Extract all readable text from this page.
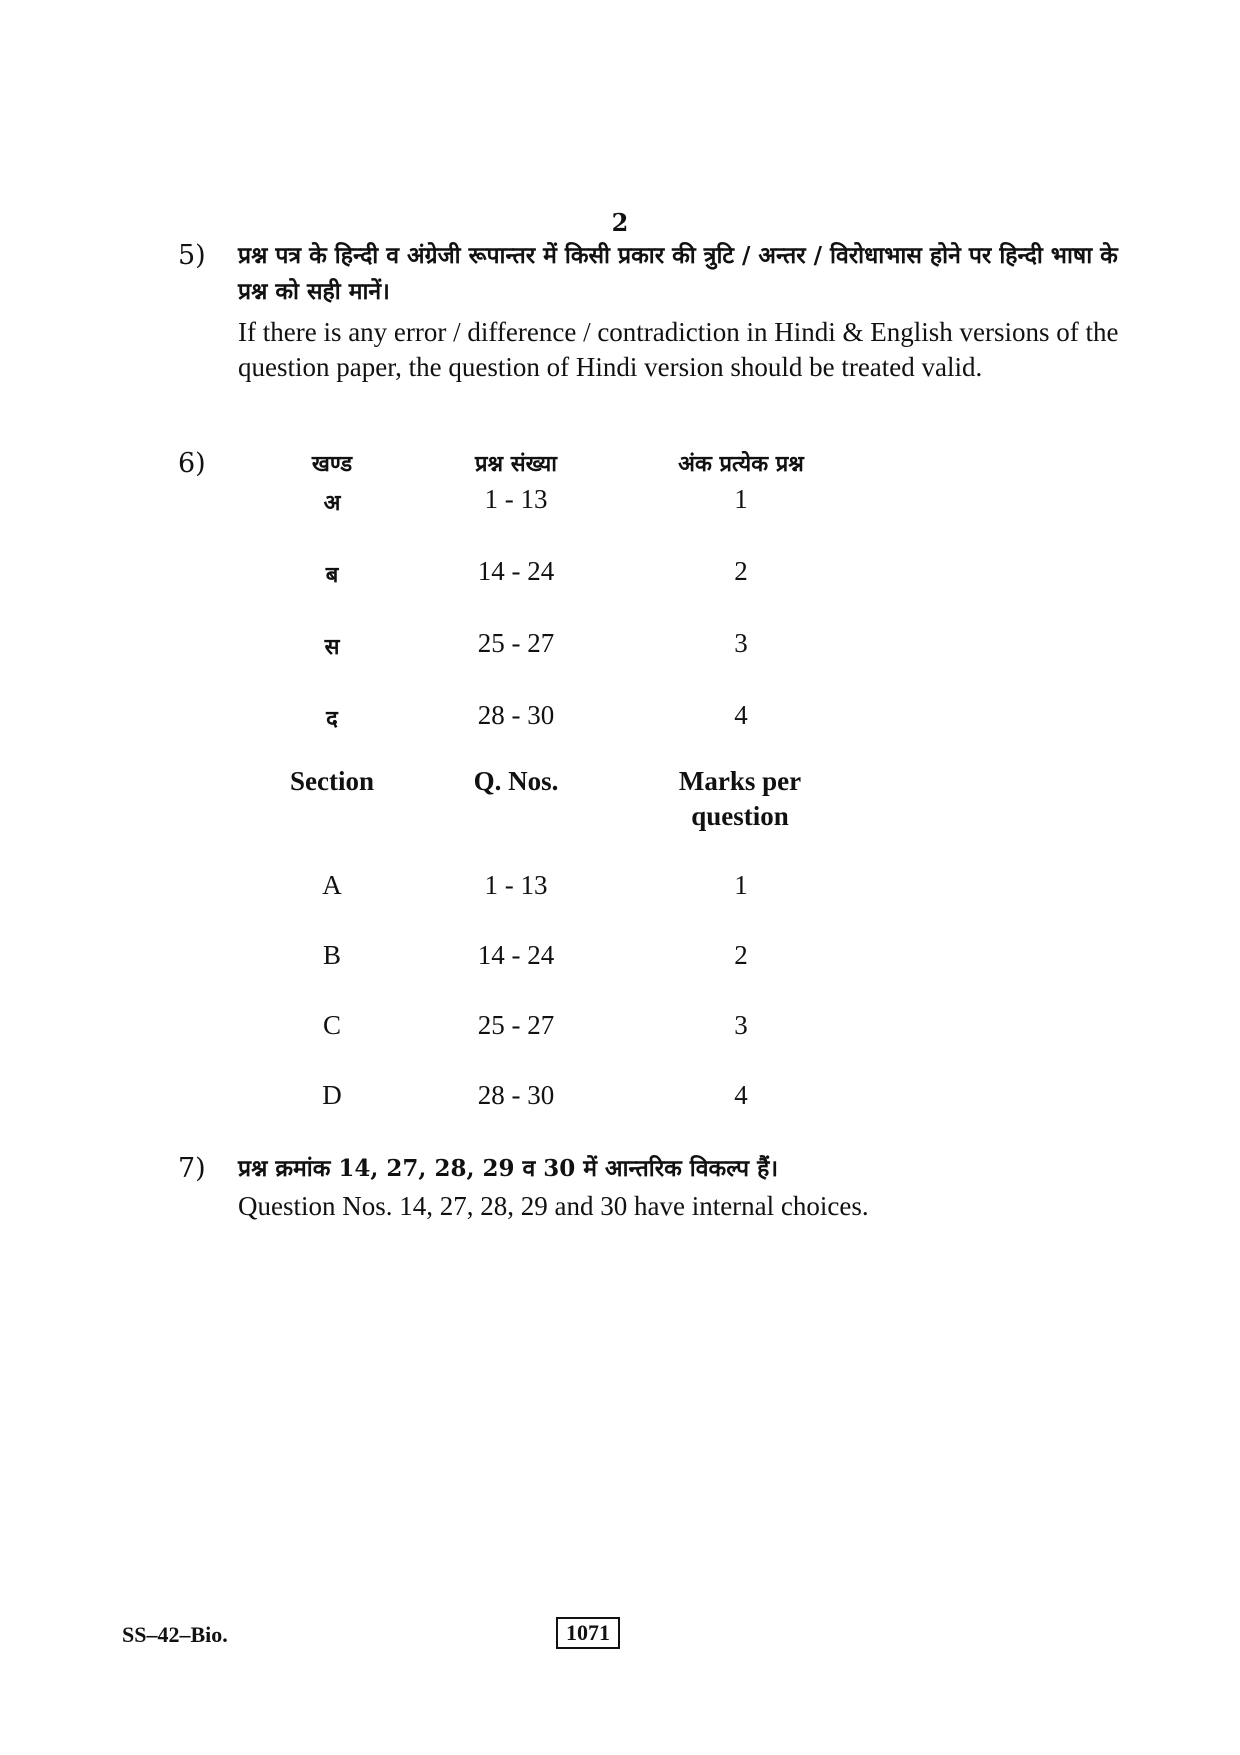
2
5) प्रश्न पत्र के हिन्दी व अंग्रेजी रूपान्तर में किसी प्रकार की त्रुटि / अन्तर / विरोधाभास होने पर हिन्दी भाषा के प्रश्न को सही मानें।
If there is any error / difference / contradiction in Hindi & English versions of the question paper, the question of Hindi version should be treated valid.
6)	खण्ड	प्रश्न संख्या	अंक प्रत्येक प्रश्न
अ	1 - 13	1
ब	14 - 24	2
स	25 - 27	3
द	28 - 30	4
Section	Q. Nos.	Marks per question
A	1 - 13	1
B	14 - 24	2
C	25 - 27	3
D	28 - 30	4
7) प्रश्न क्रमांक 14, 27, 28, 29 व 30 में आन्तरिक विकल्प हैं।
Question Nos. 14, 27, 28, 29 and 30 have internal choices.
SS–42–Bio.	1071
